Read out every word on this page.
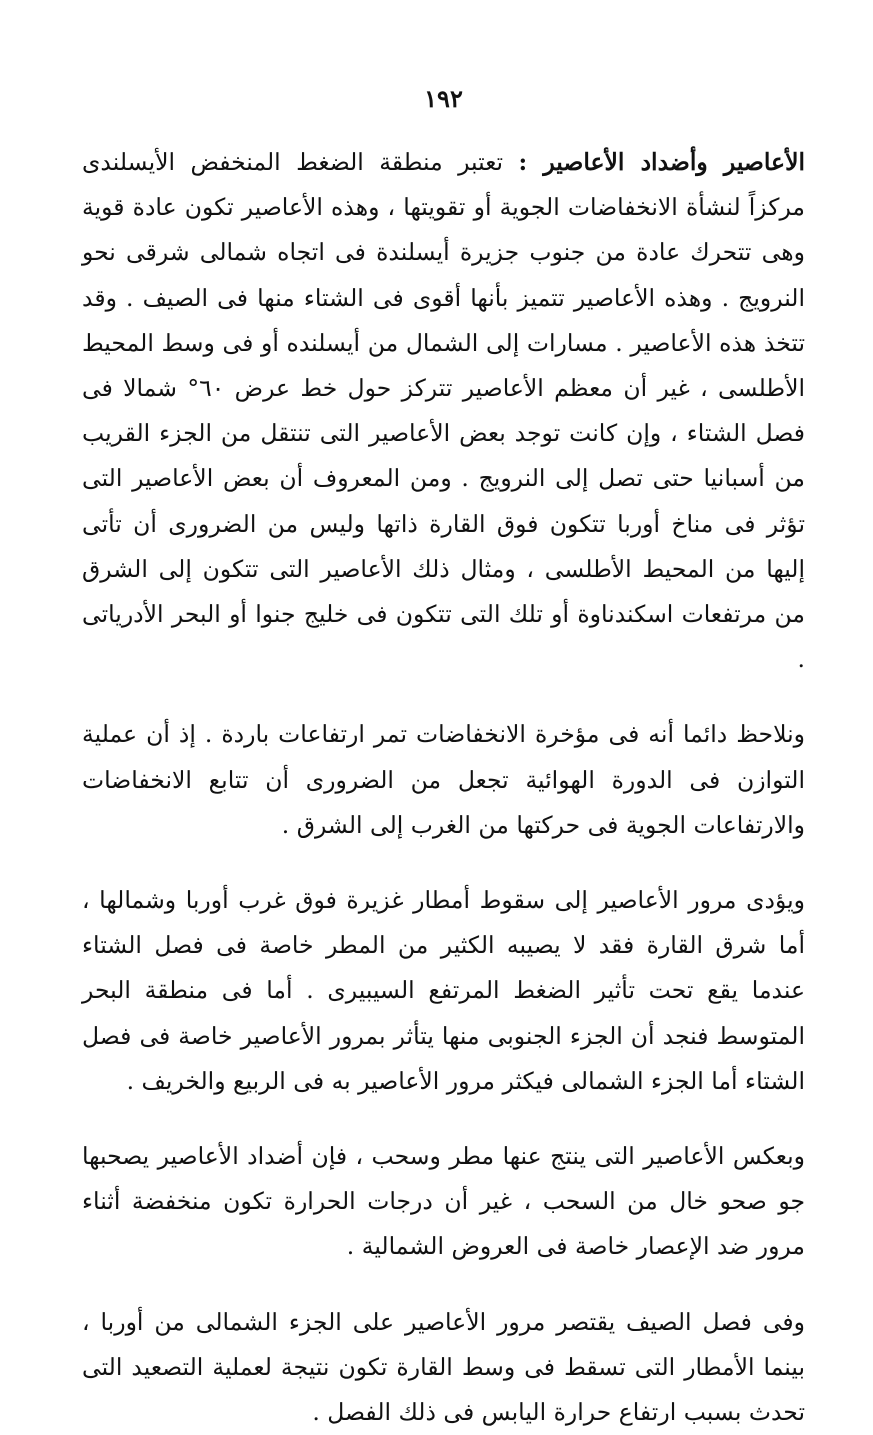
١٩٢

الأعاصير وأضداد الأعاصير : تعتبر منطقة الضغط المنخفض الأيسلندى مركزاً لنشأة الانخفاضات الجوية أو تقويتها ، وهذه الأعاصير تكون عادة قوية وهى تتحرك عادة من جنوب جزيرة أيسلندة فى اتجاه شمالى شرقى نحو النرويج . وهذه الأعاصير تتميز بأنها أقوى فى الشتاء منها فى الصيف . وقد تتخذ هذه الأعاصير . مسارات إلى الشمال من أيسلنده أو فى وسط المحيط الأطلسى ، غير أن معظم الأعاصير تتركز حول خط عرض ٦٠° شمالا فى فصل الشتاء ، وإن كانت توجد بعض الأعاصير التى تنتقل من الجزء القريب من أسبانيا حتى تصل إلى النرويج . ومن المعروف أن بعض الأعاصير التى تؤثر فى مناخ أوربا تتكون فوق القارة ذاتها وليس من الضرورى أن تأتى إليها من المحيط الأطلسى ، ومثال ذلك الأعاصير التى تتكون إلى الشرق من مرتفعات اسكندناوة أو تلك التى تتكون فى خليج جنوا أو البحر الأدرياتى .

ونلاحظ دائما أنه فى مؤخرة الانخفاضات تمر ارتفاعات باردة . إذ أن عملية التوازن فى الدورة الهوائية تجعل من الضرورى أن تتابع الانخفاضات والارتفاعات الجوية فى حركتها من الغرب إلى الشرق .

ويؤدى مرور الأعاصير إلى سقوط أمطار غزيرة فوق غرب أوربا وشمالها ، أما شرق القارة فقد لا يصيبه الكثير من المطر خاصة فى فصل الشتاء عندما يقع تحت تأثير الضغط المرتفع السيبيرى . أما فى منطقة البحر المتوسط فنجد أن الجزء الجنوبى منها يتأثر بمرور الأعاصير خاصة فى فصل الشتاء أما الجزء الشمالى فيكثر مرور الأعاصير به فى الربيع والخريف .

وبعكس الأعاصير التى ينتج عنها مطر وسحب ، فإن أضداد الأعاصير يصحبها جو صحو خال من السحب ، غير أن درجات الحرارة تكون منخفضة أثناء مرور ضد الإعصار خاصة فى العروض الشمالية .

وفى فصل الصيف يقتصر مرور الأعاصير على الجزء الشمالى من أوربا ، بينما الأمطار التى تسقط فى وسط القارة تكون نتيجة لعملية التصعيد التى تحدث بسبب ارتفاع حرارة اليابس فى ذلك الفصل .
